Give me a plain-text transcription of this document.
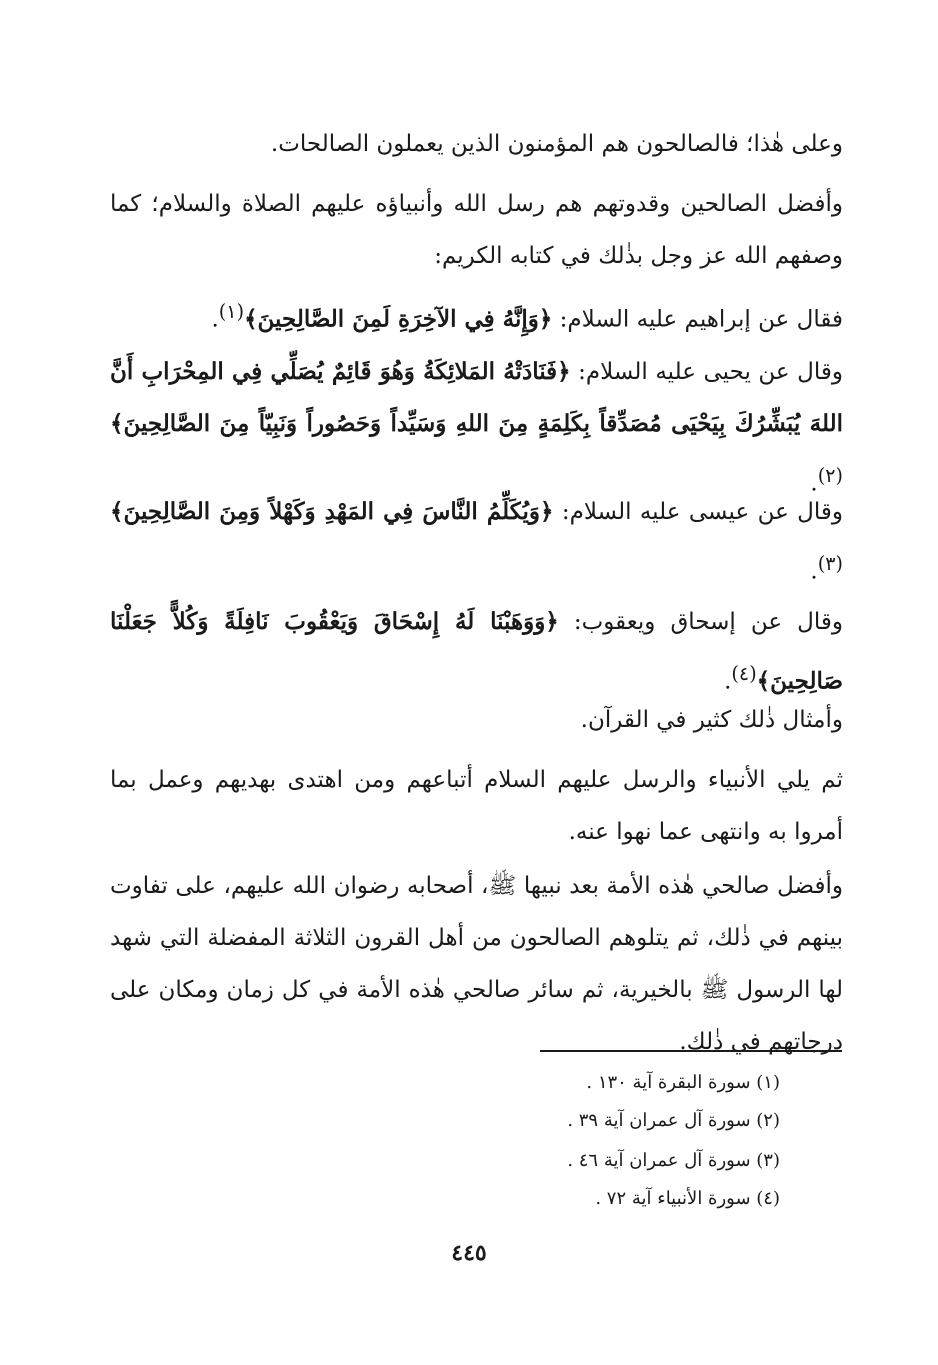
وعلى هٰذا؛ فالصالحون هم المؤمنون الذين يعملون الصالحات.
وأفضل الصالحين وقدوتهم هم رسل الله وأنبياؤه عليهم الصلاة والسلام؛ كما وصفهم الله عز وجل بذٰلك في كتابه الكريم:
فقال عن إبراهيم عليه السلام: ﴿وَإِنَّهُ فِي الآخِرَةِ لَمِنَ الصَّالِحِينَ﴾$^{(١)}$.
وقال عن يحيى عليه السلام: ﴿فَنَادَتْهُ المَلائِكَةُ وَهُوَ قَائِمٌ يُصَلِّي فِي المِحْرَابِ أَنَّ اللهَ يُبَشِّرُكَ بِيَحْيَى مُصَدِّقاً بِكَلِمَةٍ مِنَ اللهِ وَسَيِّداً وَحَصُوراً وَنَبِيّاً مِنَ الصَّالِحِينَ﴾$^{(٢)}$.
وقال عن عيسى عليه السلام: ﴿وَيُكَلِّمُ النَّاسَ فِي المَهْدِ وَكَهْلاً وَمِنَ الصَّالِحِينَ﴾$^{(٣)}$.
وقال عن إسحاق ويعقوب: ﴿وَوَهَبْنَا لَهُ إِسْحَاقَ وَيَعْقُوبَ نَافِلَةً وَكُلاًّ جَعَلْنَا صَالِحِينَ﴾$^{(٤)}$.
وأمثال ذٰلك كثير في القرآن.
ثم يلي الأنبياء والرسل عليهم السلام أتباعهم ومن اهتدى بهديهم وعمل بما أمروا به وانتهى عما نهوا عنه.
وأفضل صالحي هٰذه الأمة بعد نبيها ﷺ، أصحابه رضوان الله عليهم، على تفاوت بينهم في ذٰلك، ثم يتلوهم الصالحون من أهل القرون الثلاثة المفضلة التي شهد لها الرسول ﷺ بالخيرية، ثم سائر صالحي هٰذه الأمة في كل زمان ومكان على درجاتهم في ذٰلك.
(١) سورة البقرة آية ١٣٠ .
(٢) سورة آل عمران آية ٣٩ .
(٣) سورة آل عمران آية ٤٦ .
(٤) سورة الأنبياء آية ٧٢ .
٤٤٥
